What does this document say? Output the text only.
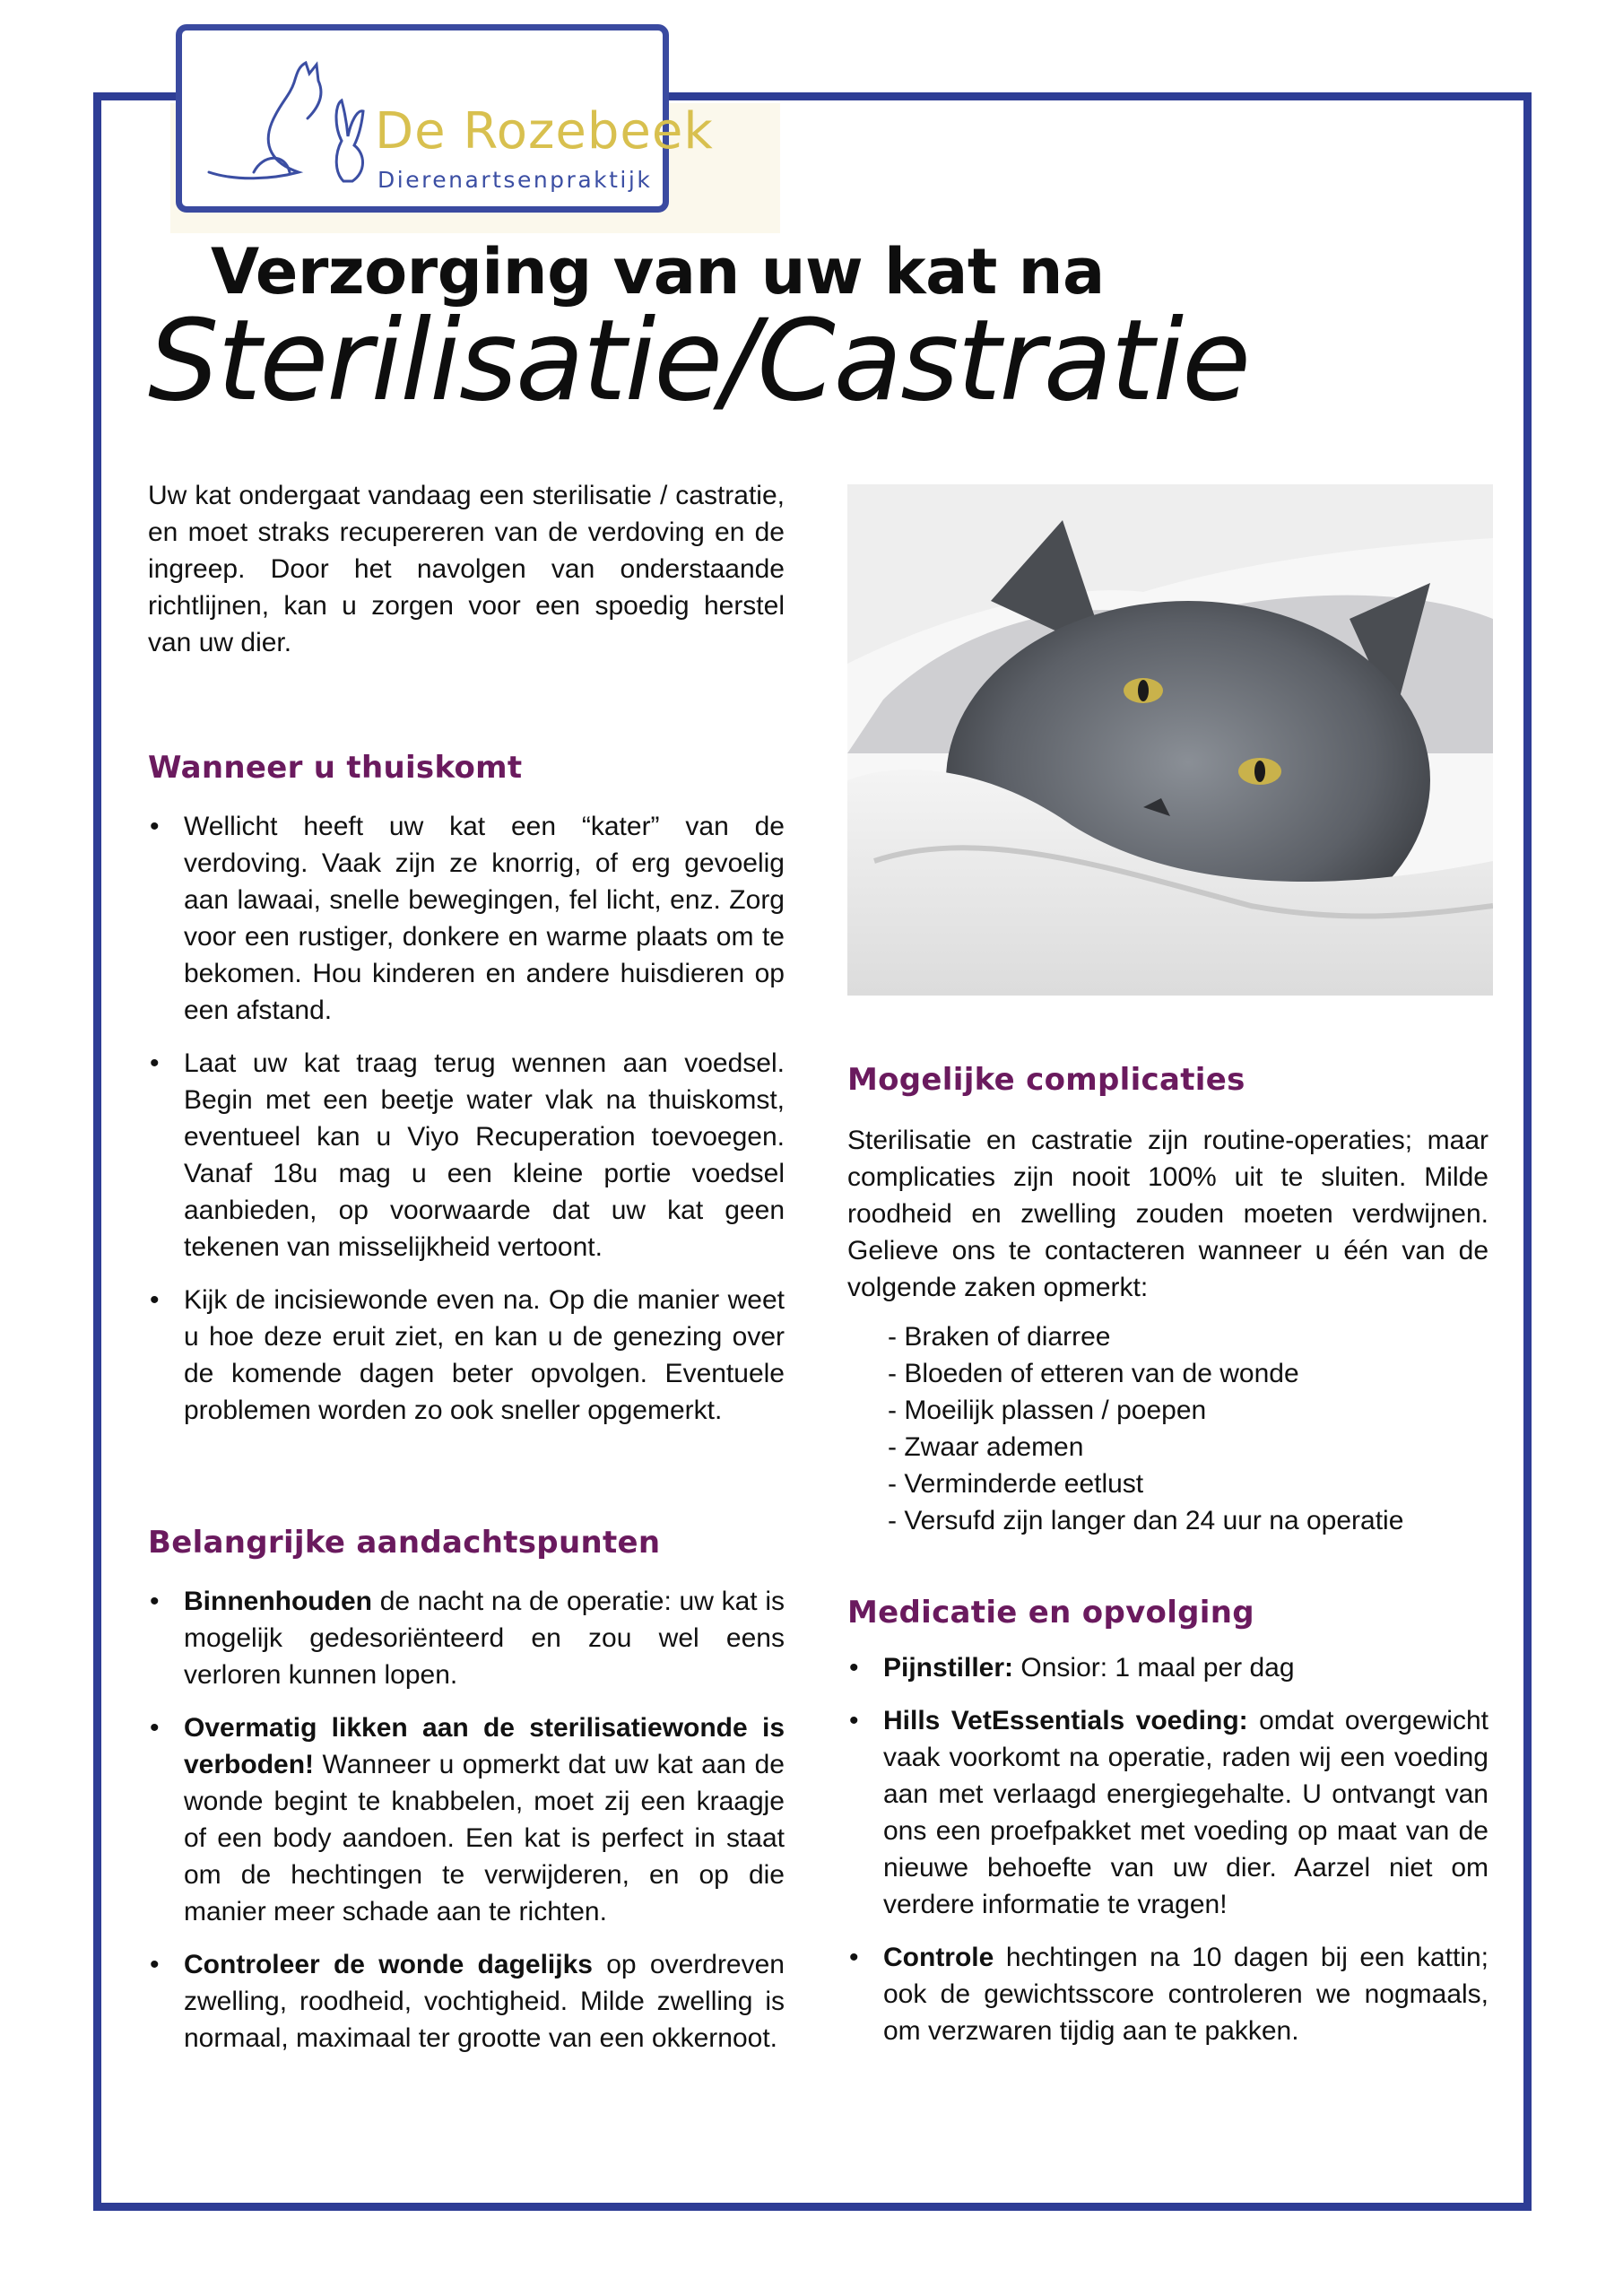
De Rozebeek
Dierenartsenpraktijk
Verzorging van uw kat na
Sterilisatie/Castratie

Uw kat ondergaat vandaag een sterilisatie / castratie, en moet straks recupereren van de verdoving en de ingreep. Door het navolgen van onderstaande richtlijnen, kan u zorgen voor een spoedig herstel van uw dier.

Wanneer u thuiskomt
• Wellicht heeft uw kat een “kater” van de verdoving. Vaak zijn ze knorrig, of erg gevoelig aan lawaai, snelle bewegingen, fel licht, enz. Zorg voor een rustiger, donkere en warme plaats om te bekomen. Hou kinderen en andere huisdieren op een afstand.
• Laat uw kat traag terug wennen aan voedsel. Begin met een beetje water vlak na thuiskomst, eventueel kan u Viyo Recuperation toevoegen. Vanaf 18u mag u een kleine portie voedsel aanbieden, op voorwaarde dat uw kat geen tekenen van misselijkheid vertoont.
• Kijk de incisiewonde even na. Op die manier weet u hoe deze eruit ziet, en kan u de genezing over de komende dagen beter opvolgen. Eventuele problemen worden zo ook sneller opgemerkt.
Belangrijke aandachtspunten
• Binnenhouden de nacht na de operatie: uw kat is mogelijk gedesoriënteerd en zou wel eens verloren kunnen lopen.
• Overmatig likken aan de sterilisatiewonde is verboden! Wanneer u opmerkt dat uw kat aan de wonde begint te knabbelen, moet zij een kraagje of een body aandoen. Een kat is perfect in staat om de hechtingen te verwijderen, en op die manier meer schade aan te richten.
• Controleer de wonde dagelijks op overdreven zwelling, roodheid, vochtigheid. Milde zwelling is normaal, maximaal ter grootte van een okkernoot.
Mogelijke complicaties

Sterilisatie en castratie zijn routine-operaties; maar complicaties zijn nooit 100% uit te sluiten. Milde roodheid en zwelling zouden moeten verdwijnen. Gelieve ons te contacteren wanneer u één van de volgende zaken opmerkt:

- Braken of diarree
- Bloeden of etteren van de wonde
- Moeilijk plassen / poepen
- Zwaar ademen
- Verminderde eetlust
- Versufd zijn langer dan 24 uur na operatie
Medicatie en opvolging
• Pijnstiller: Onsior: 1 maal per dag
• Hills VetEssentials voeding: omdat overgewicht vaak voorkomt na operatie, raden wij een voeding aan met verlaagd energiegehalte. U ontvangt van ons een proefpakket met voeding op maat van de nieuwe behoefte van uw dier. Aarzel niet om verdere informatie te vragen!
• Controle hechtingen na 10 dagen bij een kattin; ook de gewichtsscore controleren we nogmaals, om verzwaren tijdig aan te pakken.
